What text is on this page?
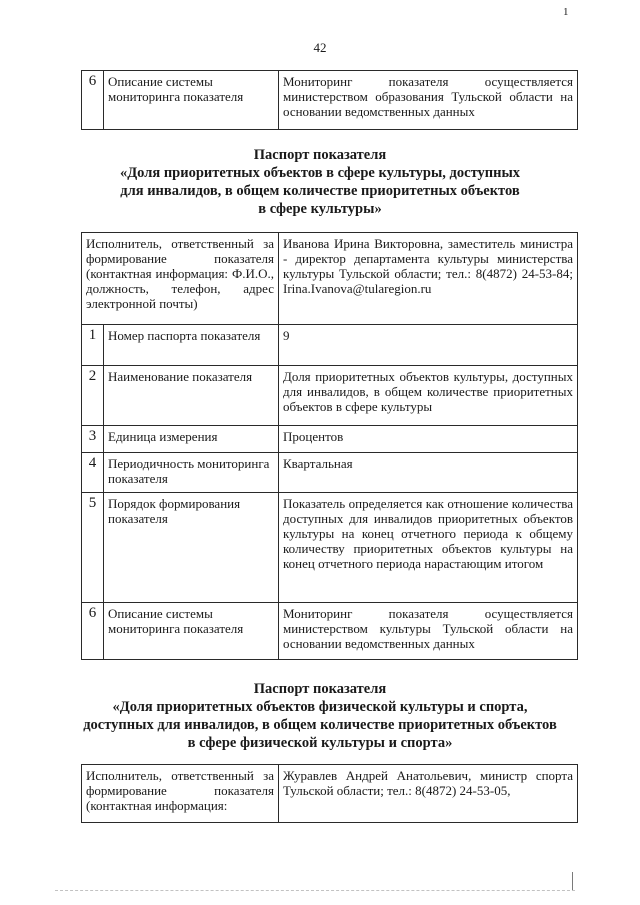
1
42
6	Описание системы мониторинга показателя	Мониторинг показателя осуществляется министерством образования Тульской области на основании ведомственных данных
Паспорт показателя
«Доля приоритетных объектов в сфере культуры, доступных
для инвалидов, в общем количестве приоритетных объектов
в сфере культуры»
Исполнитель, ответственный за формирование показателя (контактная информация: Ф.И.О., должность, телефон, адрес электронной почты)		Иванова Ирина Викторовна, заместитель министра - директор департамента культуры министерства культуры Тульской области; тел.: 8(4872) 24-53-84; Irina.Ivanova@tularegion.ru
1	Номер паспорта показателя	9
2	Наименование показателя	Доля приоритетных объектов культуры, доступных для инвалидов, в общем количестве приоритетных объектов в сфере культуры
3	Единица измерения	Процентов
4	Периодичность мониторинга показателя	Квартальная
5	Порядок формирования показателя	Показатель определяется как отношение количества доступных для инвалидов приоритетных объектов культуры на конец отчетного периода к общему количеству приоритетных объектов культуры на конец отчетного периода нарастающим итогом
6	Описание системы мониторинга показателя	Мониторинг показателя осуществляется министерством культуры Тульской области на основании ведомственных данных
Паспорт показателя
«Доля приоритетных объектов физической культуры и спорта,
доступных для инвалидов, в общем количестве приоритетных объектов
в сфере физической культуры и спорта»
Исполнитель, ответственный за формирование показателя (контактная информация:	Журавлев Андрей Анатольевич, министр спорта Тульской области; тел.: 8(4872) 24-53-05,
